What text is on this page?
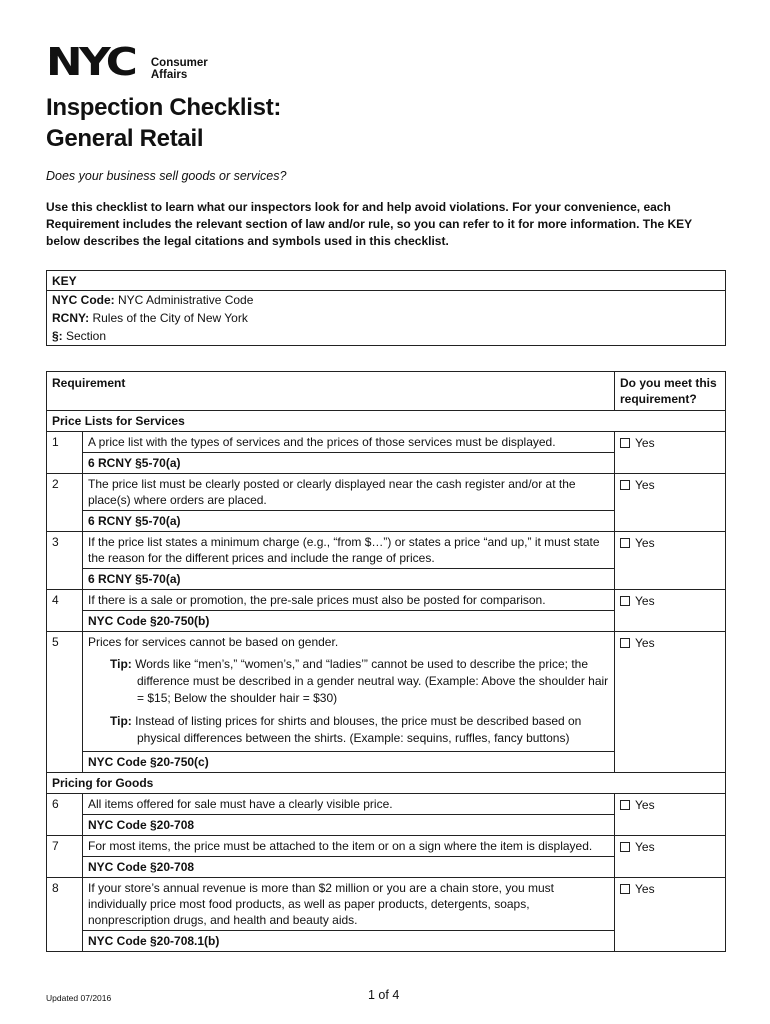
NYC Consumer
Affairs
Inspection Checklist:
General Retail
Does your business sell goods or services?
Use this checklist to learn what our inspectors look for and help avoid violations. For your convenience, each Requirement includes the relevant section of law and/or rule, so you can refer to it for more information. The KEY below describes the legal citations and symbols used in this checklist.
KEY
NYC Code: NYC Administrative Code
RCNY: Rules of the City of New York
§: Section
Requirement		Do you meet this requirement?
Price Lists for Services		
1	A price list with the types of services and the prices of those services must be displayed.	Yes
	6 RCNY §5-70(a)	
2	The price list must be clearly posted or clearly displayed near the cash register and/or at the place(s) where orders are placed.	Yes
	6 RCNY §5-70(a)	
3	If the price list states a minimum charge (e.g., “from $…”) or states a price “and up,” it must state the reason for the different prices and include the range of prices.	Yes
	6 RCNY §5-70(a)	
4	If there is a sale or promotion, the pre-sale prices must also be posted for comparison.	Yes
	NYC Code §20-750(b)	
5	Prices for services cannot be based on gender.
Tip: Words like “men’s,” “women’s,” and “ladies’” cannot be used to describe the price; the difference must be described in a gender neutral way. (Example: Above the shoulder hair = $15; Below the shoulder hair = $30)
Tip: Instead of listing prices for shirts and blouses, the price must be described based on physical differences between the shirts. (Example: sequins, ruffles, fancy buttons)	Yes
	NYC Code §20-750(c)	
Pricing for Goods		
6	All items offered for sale must have a clearly visible price.	Yes
	NYC Code §20-708	
7	For most items, the price must be attached to the item or on a sign where the item is displayed.	Yes
	NYC Code §20-708	
8	If your store’s annual revenue is more than $2 million or you are a chain store, you must individually price most food products, as well as paper products, detergents, soaps, nonprescription drugs, and health and beauty aids.	Yes
	NYC Code §20-708.1(b)	
Updated 07/2016	1 of 4
